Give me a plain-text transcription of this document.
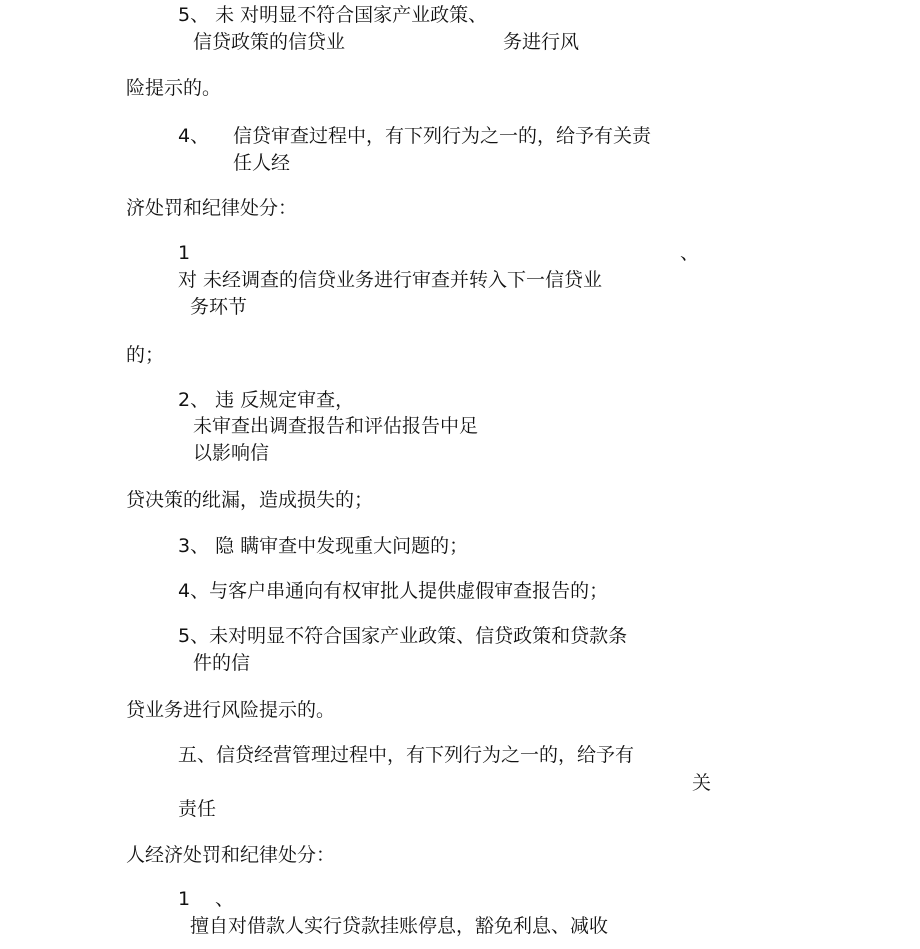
5、 未 对明显不符合国家产业政策、

信贷政策的信贷业	务进行风

险提示的。

4、 信贷审查过程中，有下列行为之一的，给予有关责

任人经

济处罚和纪律处分：

1	、

对 未经调查的信贷业务进行审查并转入下一信贷业

务环节

的；

2、 违 反规定审查，

未审查出调查报告和评估报告中足

以影响信

贷决策的纰漏，造成损失的；

3、 隐 瞒审查中发现重大问题的；

4、与客户串通向有权审批人提供虚假审查报告的；

5、未对明显不符合国家产业政策、信贷政策和贷款条

件的信

贷业务进行风险提示的。

五、信贷经营管理过程中，有下列行为之一的，给予有

关

责任

人经济处罚和纪律处分：

1 、

擅自对借款人实行贷款挂账停息，豁免利息、减收
